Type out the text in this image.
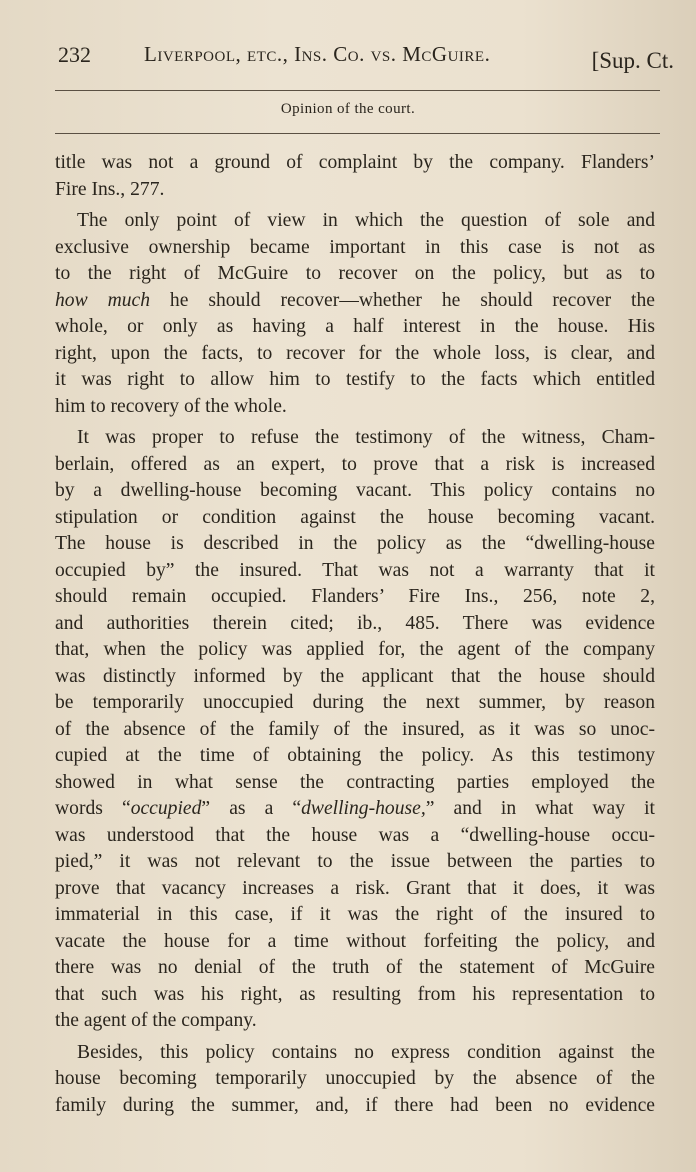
232	Liverpool, etc., Ins. Co. vs. McGuire.	[Sup. Ct.
Opinion of the court.
title was not a ground of complaint by the company. Flanders’
Fire Ins., 277.
The only point of view in which the question of sole and
exclusive ownership became important in this case is not as
to the right of McGuire to recover on the policy, but as to
how much he should recover—whether he should recover the
whole, or only as having a half interest in the house. His
right, upon the facts, to recover for the whole loss, is clear, and
it was right to allow him to testify to the facts which entitled
him to recovery of the whole.
It was proper to refuse the testimony of the witness, Cham-
berlain, offered as an expert, to prove that a risk is increased
by a dwelling-house becoming vacant. This policy contains no
stipulation or condition against the house becoming vacant.
The house is described in the policy as the “dwelling-house
occupied by” the insured. That was not a warranty that it
should remain occupied. Flanders’ Fire Ins., 256, note 2,
and authorities therein cited; ib., 485. There was evidence
that, when the policy was applied for, the agent of the company
was distinctly informed by the applicant that the house should
be temporarily unoccupied during the next summer, by reason
of the absence of the family of the insured, as it was so unoc-
cupied at the time of obtaining the policy. As this testimony
showed in what sense the contracting parties employed the
words “occupied” as a “dwelling-house,” and in what way it
was understood that the house was a “dwelling-house occu-
pied,” it was not relevant to the issue between the parties to
prove that vacancy increases a risk. Grant that it does, it was
immaterial in this case, if it was the right of the insured to
vacate the house for a time without forfeiting the policy, and
there was no denial of the truth of the statement of McGuire
that such was his right, as resulting from his representation to
the agent of the company.
Besides, this policy contains no express condition against the
house becoming temporarily unoccupied by the absence of the
family during the summer, and, if there had been no evidence
